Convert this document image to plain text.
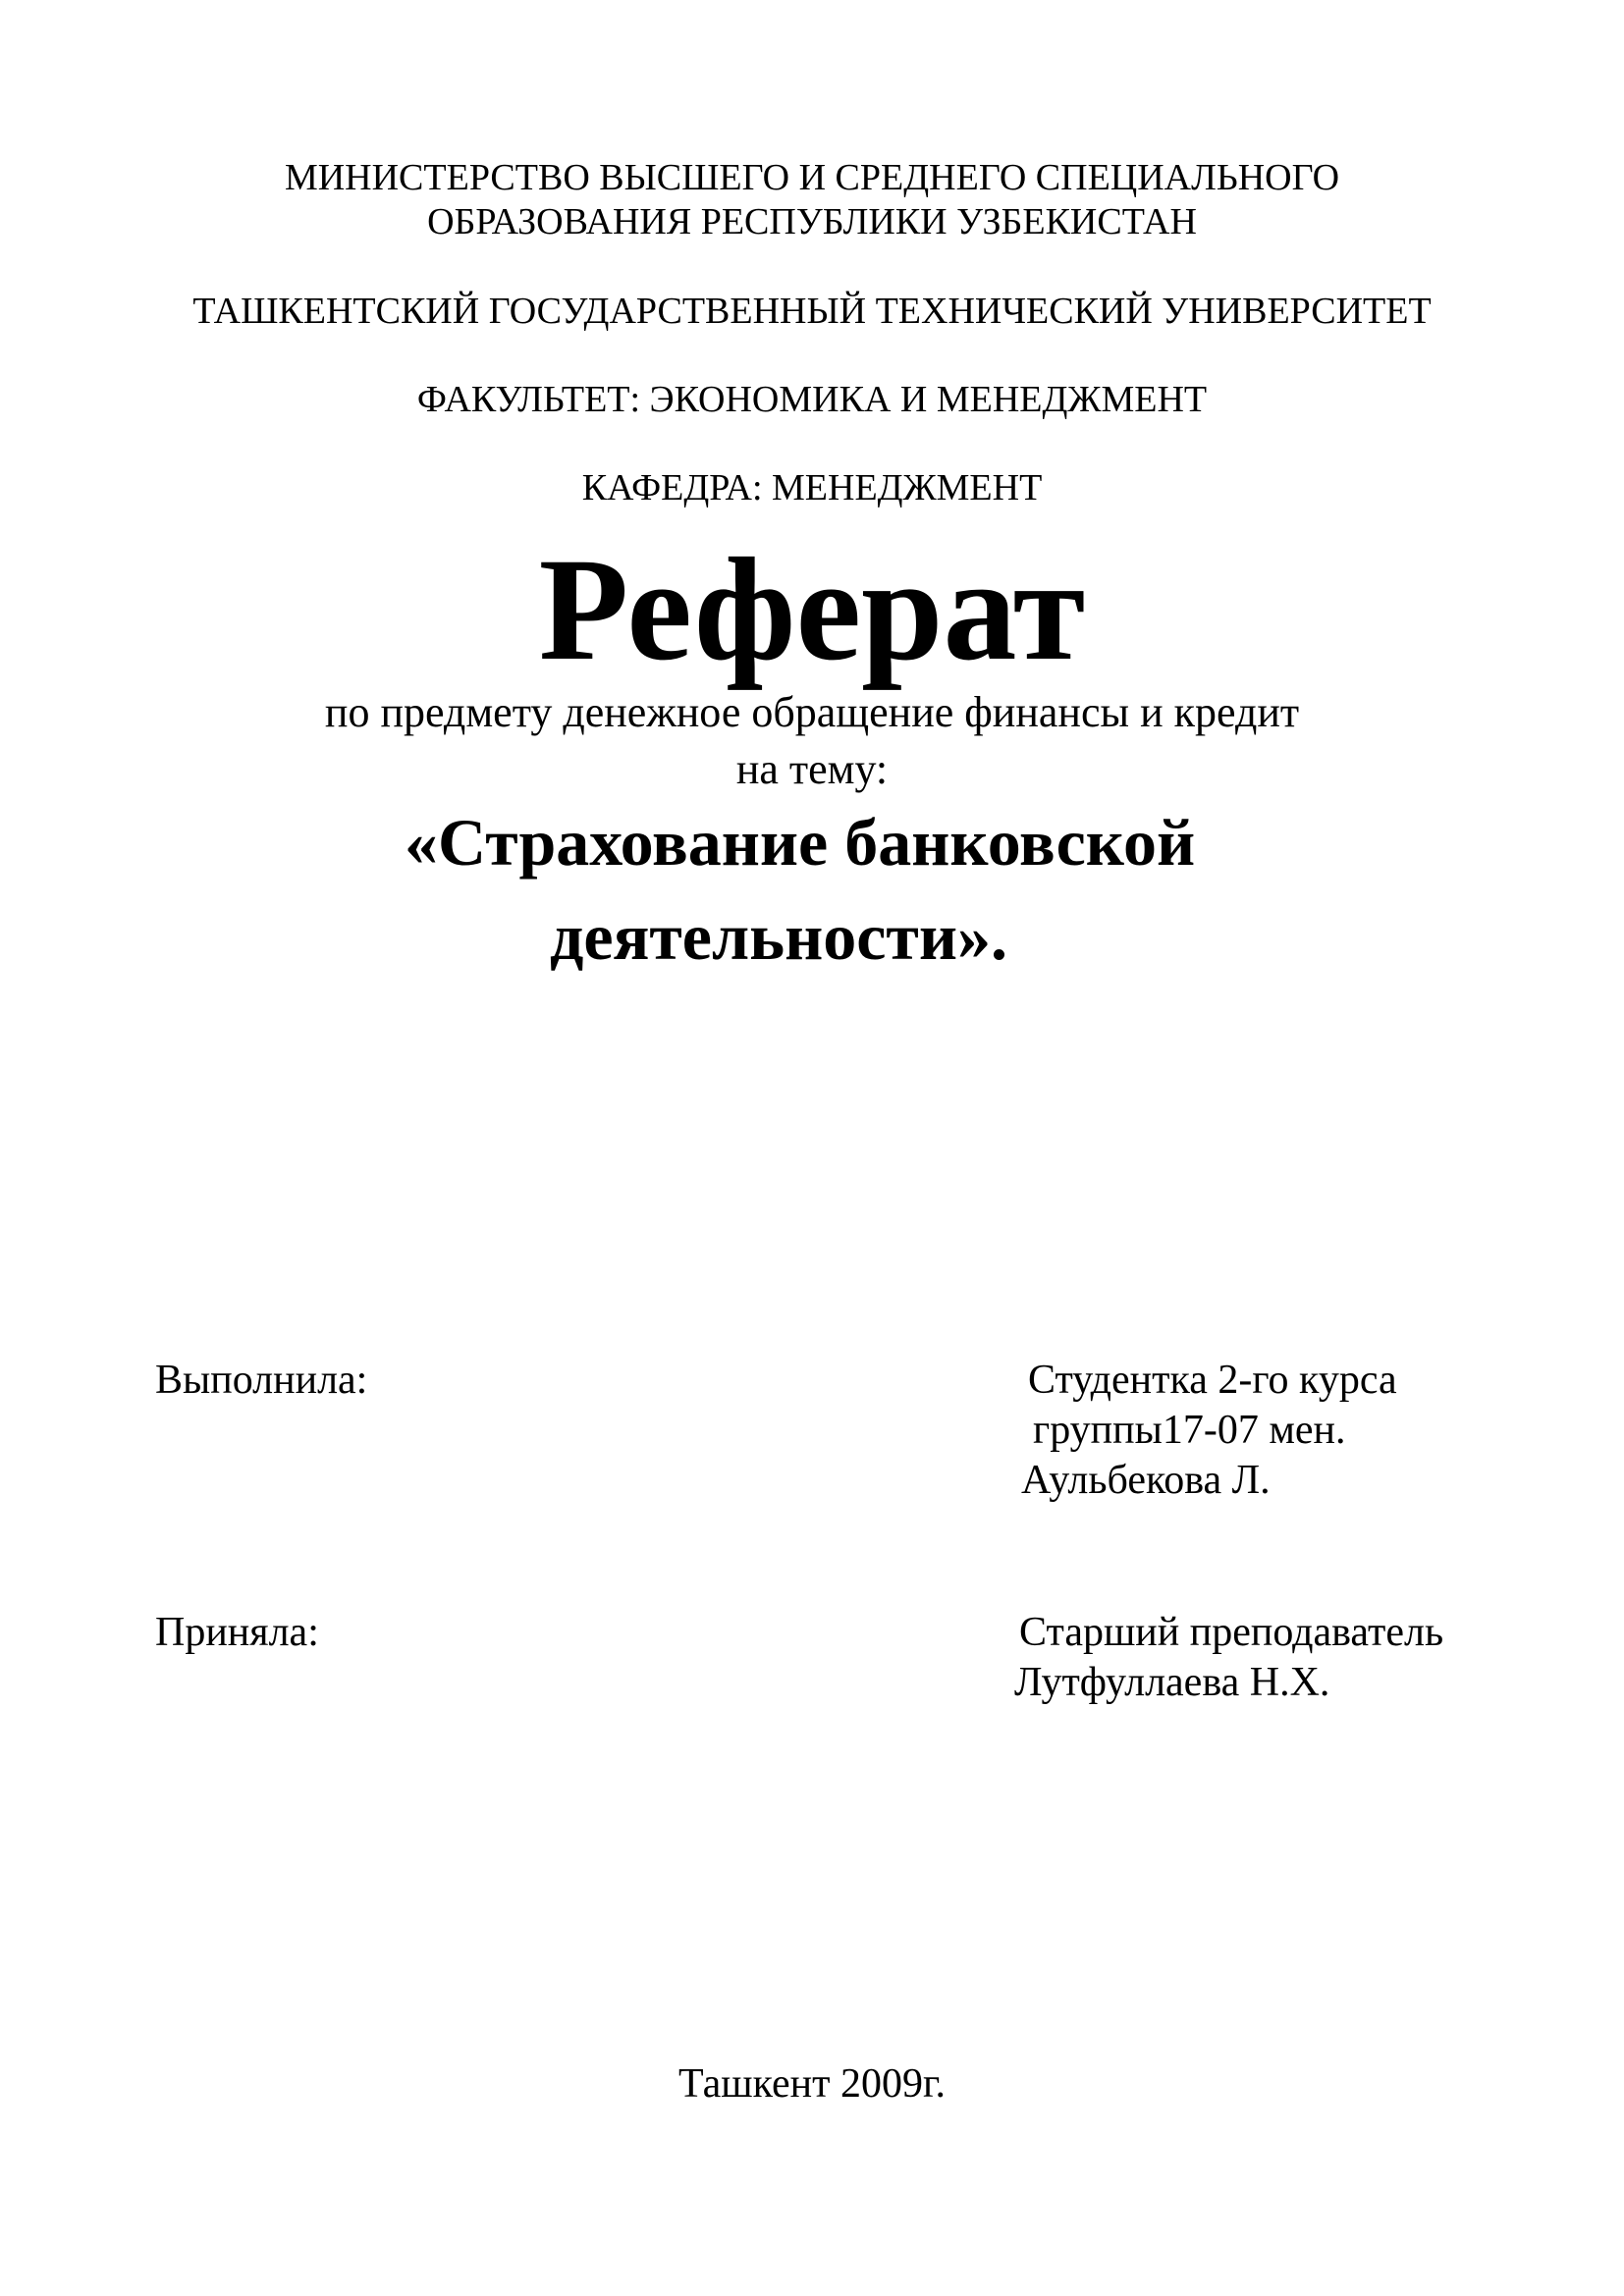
МИНИСТЕРСТВО ВЫСШЕГО И СРЕДНЕГО СПЕЦИАЛЬНОГО
ОБРАЗОВАНИЯ РЕСПУБЛИКИ УЗБЕКИСТАН
ТАШКЕНТСКИЙ ГОСУДАРСТВЕННЫЙ ТЕХНИЧЕСКИЙ УНИВЕРСИТЕТ
ФАКУЛЬТЕТ: ЭКОНОМИКА И МЕНЕДЖМЕНТ
КАФЕДРА: МЕНЕДЖМЕНТ
Реферат
по предмету денежное обращение финансы и кредит
на тему:
«Страхование банковской
деятельности».
Выполнила:	Студентка 2-го курса
группы17-07 мен.
Аульбекова Л.
Приняла:	Старший преподаватель
Лутфуллаева Н.Х.
Ташкент 2009г.
